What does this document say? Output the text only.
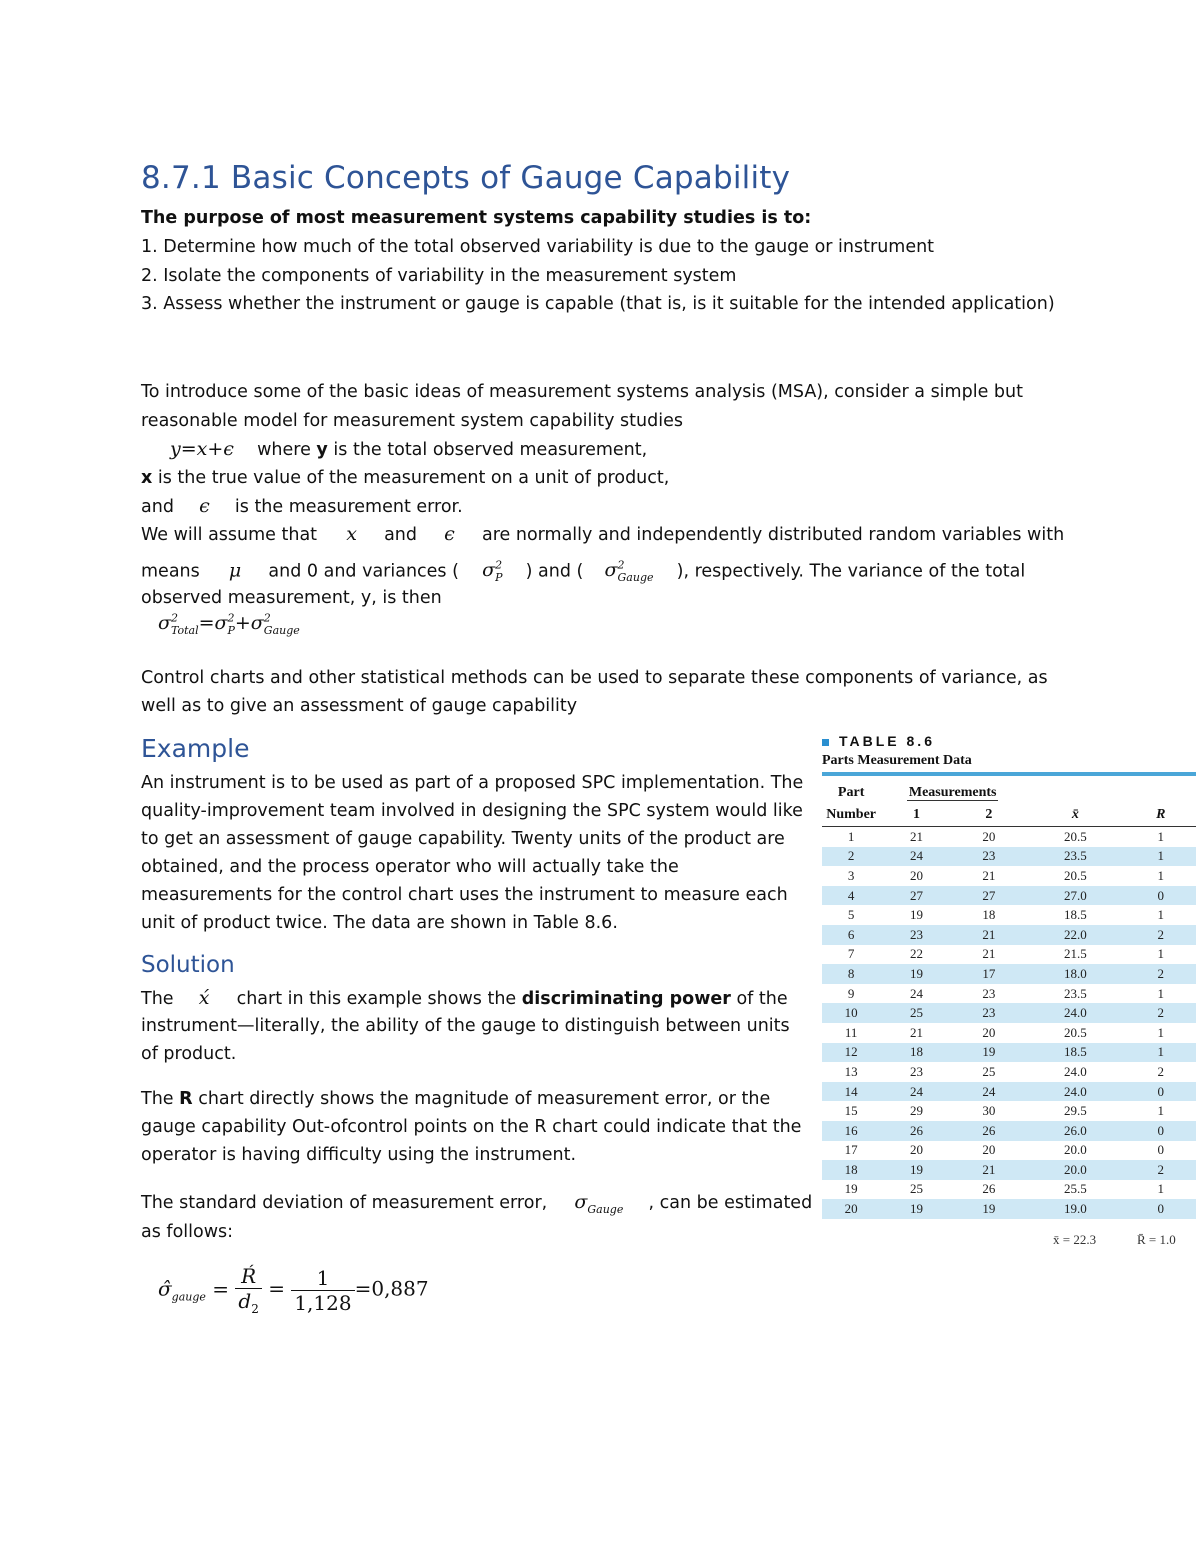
8.7.1 Basic Concepts of Gauge Capability
The purpose of most measurement systems capability studies is to:
1. Determine how much of the total observed variability is due to the gauge or instrument
2. Isolate the components of variability in the measurement system
3. Assess whether the instrument or gauge is capable (that is, is it suitable for the intended application)
To introduce some of the basic ideas of measurement systems analysis (MSA), consider a simple but
reasonable model for measurement system capability studies
y=x+ϵ where y is the total observed measurement,
x is the true value of the measurement on a unit of product,
and ϵ is the measurement error.
We will assume that x and ϵ are normally and independently distributed random variables with
means μ and 0 and variances ( $\sigma^2_P$ ) and ( $\sigma^2_{Gauge}$ ), respectively. The variance of the total
observed measurement, y, is then
$\sigma^2_{Total}=\sigma^2_P+\sigma^2_{Gauge}$
Control charts and other statistical methods can be used to separate these components of variance, as
well as to give an assessment of gauge capability
Example
An instrument is to be used as part of a proposed SPC implementation. The
quality-improvement team involved in designing the SPC system would like
to get an assessment of gauge capability. Twenty units of the product are
obtained, and the process operator who will actually take the
measurements for the control chart uses the instrument to measure each
unit of product twice. The data are shown in Table 8.6.
Solution
The x́ chart in this example shows the discriminating power of the
instrument—literally, the ability of the gauge to distinguish between units
of product.
The R chart directly shows the magnitude of measurement error, or the
gauge capability Out-ofcontrol points on the R chart could indicate that the
operator is having difficulty using the instrument.
The standard deviation of measurement error, $\sigma_{Gauge}$ , can be estimated
as follows:
$\sigmâ_{gauge} = \frac{Ŕ}{d_2} = \frac{1}{1,128} =0,887$
TABLE 8.6
Parts Measurement Data
Part	Measurements			
Number	1	2	x̄	R
1	21	20	20.5	1
2	24	23	23.5	1
3	20	21	20.5	1
4	27	27	27.0	0
5	19	18	18.5	1
6	23	21	22.0	2
7	22	21	21.5	1
8	19	17	18.0	2
9	24	23	23.5	1
10	25	23	24.0	2
11	21	20	20.5	1
12	18	19	18.5	1
13	23	25	24.0	2
14	24	24	24.0	0
15	29	30	29.5	1
16	26	26	26.0	0
17	20	20	20.0	0
18	19	21	20.0	2
19	25	26	25.5	1
20	19	19	19.0	0
x̄ = 22.3	R̄ = 1.0
